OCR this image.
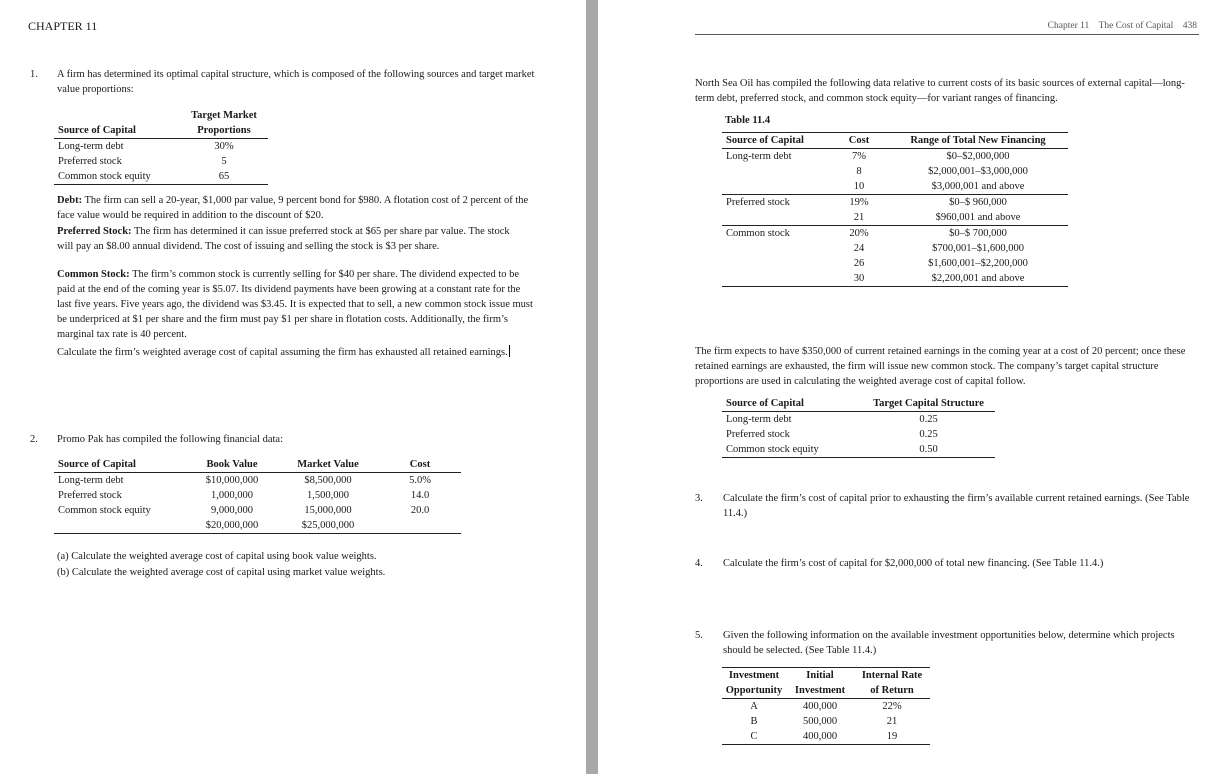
CHAPTER 11
1. A firm has determined its optimal capital structure, which is composed of the following sources and target market value proportions:
Source of Capital	Target Market
	Proportions
Long-term debt	30%
Preferred stock	5
Common stock equity	65
Debt: The firm can sell a 20-year, $1,000 par value, 9 percent bond for $980. A flotation cost of 2 percent of the face value would be required in addition to the discount of $20.
Preferred Stock: The firm has determined it can issue preferred stock at $65 per share par value. The stock will pay an $8.00 annual dividend. The cost of issuing and selling the stock is $3 per share.
Common Stock: The firm’s common stock is currently selling for $40 per share. The dividend expected to be paid at the end of the coming year is $5.07. Its dividend payments have been growing at a constant rate for the last five years. Five years ago, the dividend was $3.45. It is expected that to sell, a new common stock issue must be underpriced at $1 per share and the firm must pay $1 per share in flotation costs. Additionally, the firm’s marginal tax rate is 40 percent.
Calculate the firm’s weighted average cost of capital assuming the firm has exhausted all retained earnings.
2. Promo Pak has compiled the following financial data:
Source of Capital	Book Value	Market Value	Cost
Long-term debt	$10,000,000	$8,500,000	5.0%
Preferred stock	1,000,000	1,500,000	14.0
Common stock equity	9,000,000	15,000,000	20.0
	$20,000,000	$25,000,000	
(a) Calculate the weighted average cost of capital using book value weights.
(b) Calculate the weighted average cost of capital using market value weights.
Chapter 11    The Cost of Capital    438
North Sea Oil has compiled the following data relative to current costs of its basic sources of external capital—long-term debt, preferred stock, and common stock equity—for variant ranges of financing.
Table 11.4
Source of Capital	Cost	Range of Total New Financing
Long-term debt	7%	$0–$2,000,000
	8	$2,000,001–$3,000,000
	10	$3,000,001 and above
Preferred stock	19%	$0–$ 960,000
	21	$960,001 and above
Common stock	20%	$0–$ 700,000
	24	$700,001–$1,600,000
	26	$1,600,001–$2,200,000
	30	$2,200,001 and above
The firm expects to have $350,000 of current retained earnings in the coming year at a cost of 20 percent; once these retained earnings are exhausted, the firm will issue new common stock. The company’s target capital structure proportions are used in calculating the weighted average cost of capital follow.
Source of Capital	Target Capital Structure
Long-term debt	0.25
Preferred stock	0.25
Common stock equity	0.50
3. Calculate the firm’s cost of capital prior to exhausting the firm’s available current retained earnings. (See Table 11.4.)
4. Calculate the firm’s cost of capital for $2,000,000 of total new financing. (See Table 11.4.)
5. Given the following information on the available investment opportunities below, determine which projects should be selected. (See Table 11.4.)
Investment	Initial	Internal Rate
Opportunity	Investment	of Return
A	400,000	22%
B	500,000	21
C	400,000	19
